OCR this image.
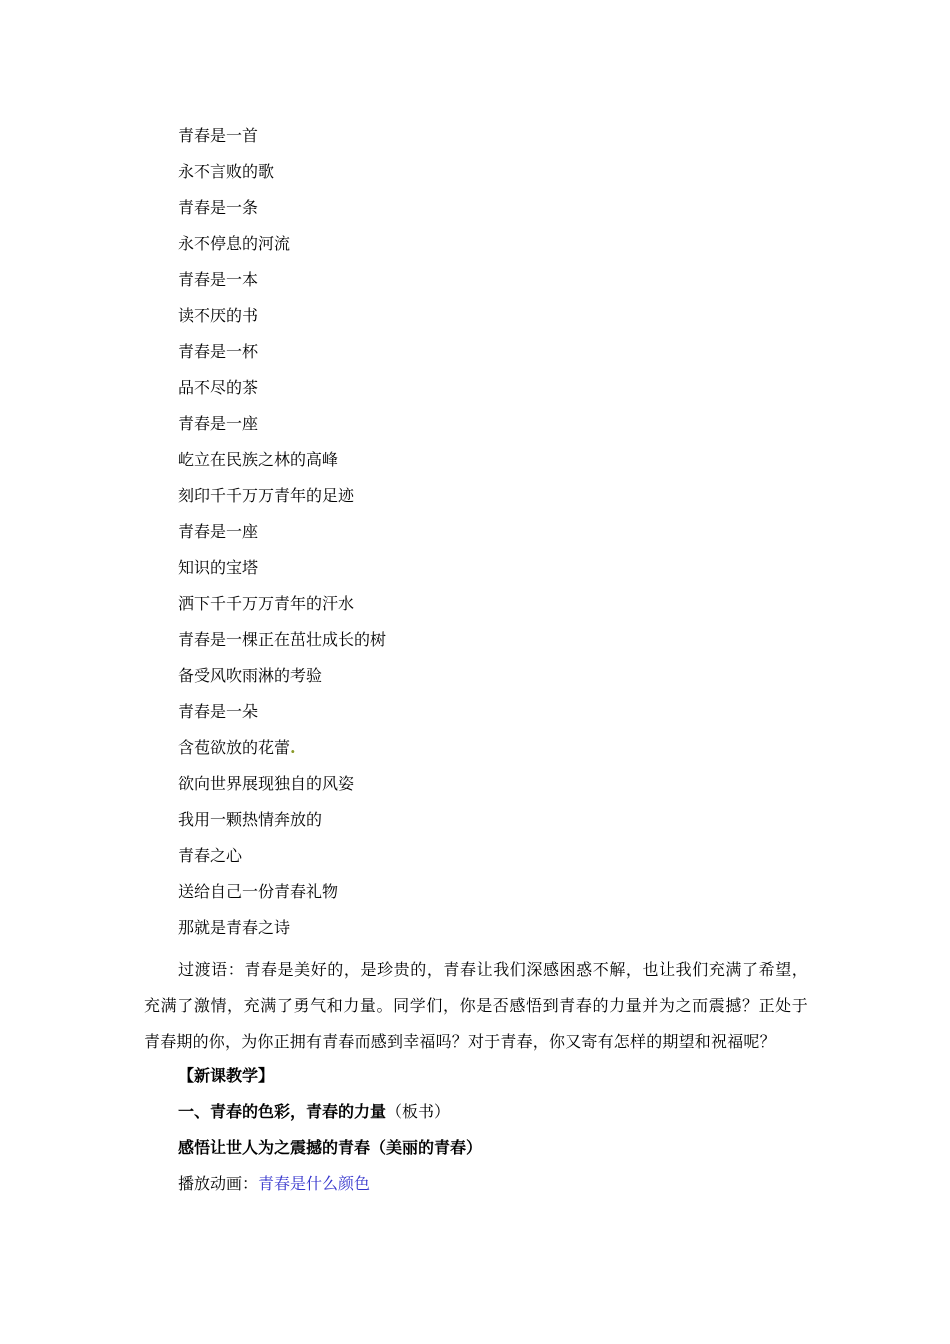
青春是一首
永不言败的歌
青春是一条
永不停息的河流
青春是一本
读不厌的书
青春是一杯
品不尽的茶
青春是一座
屹立在民族之林的高峰
刻印千千万万青年的足迹
青春是一座
知识的宝塔
洒下千千万万青年的汗水
青春是一棵正在茁壮成长的树
备受风吹雨淋的考验
青春是一朵
含苞欲放的花蕾.
欲向世界展现独自的风姿
我用一颗热情奔放的
青春之心
送给自己一份青春礼物
那就是青春之诗
过渡语：青春是美好的，是珍贵的，青春让我们深感困惑不解，也让我们充满了希望，充满了激情，充满了勇气和力量。同学们，你是否感悟到青春的力量并为之而震撼？正处于青春期的你，为你正拥有青春而感到幸福吗？对于青春，你又寄有怎样的期望和祝福呢？
【新课教学】
一、青春的色彩，青春的力量（板书）
感悟让世人为之震撼的青春（美丽的青春）
播放动画：青春是什么颜色
